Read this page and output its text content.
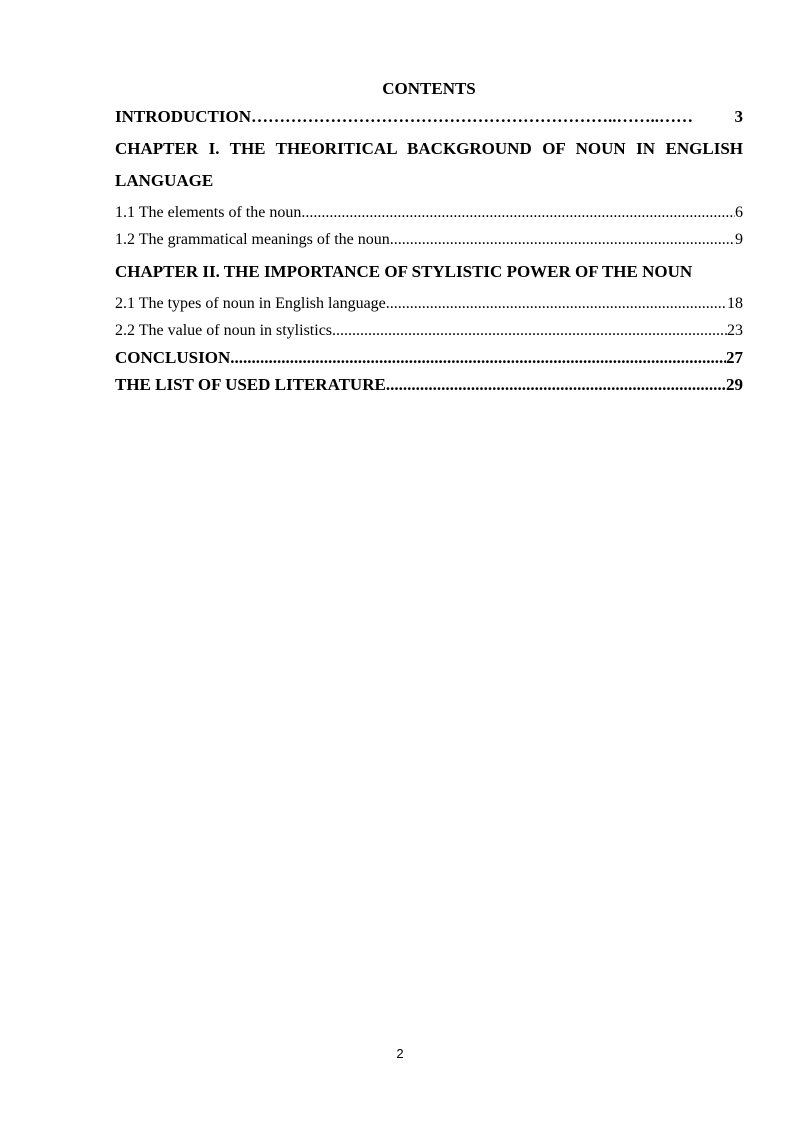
CONTENTS
INTRODUCTION ………………………………………………………..……..……	3
CHAPTER I. THE THEORITICAL BACKGROUND OF NOUN IN ENGLISH LANGUAGE
1.1 The elements of the noun .....	6
1.2 The grammatical meanings of the noun .....	9
CHAPTER II. THE IMPORTANCE OF STYLISTIC POWER OF THE NOUN
2.1 The types of noun in English language .....	18
2.2 The value of noun in stylistics .....	23
CONCLUSION .....	27
THE LIST OF USED LITERATURE .....	29
2
